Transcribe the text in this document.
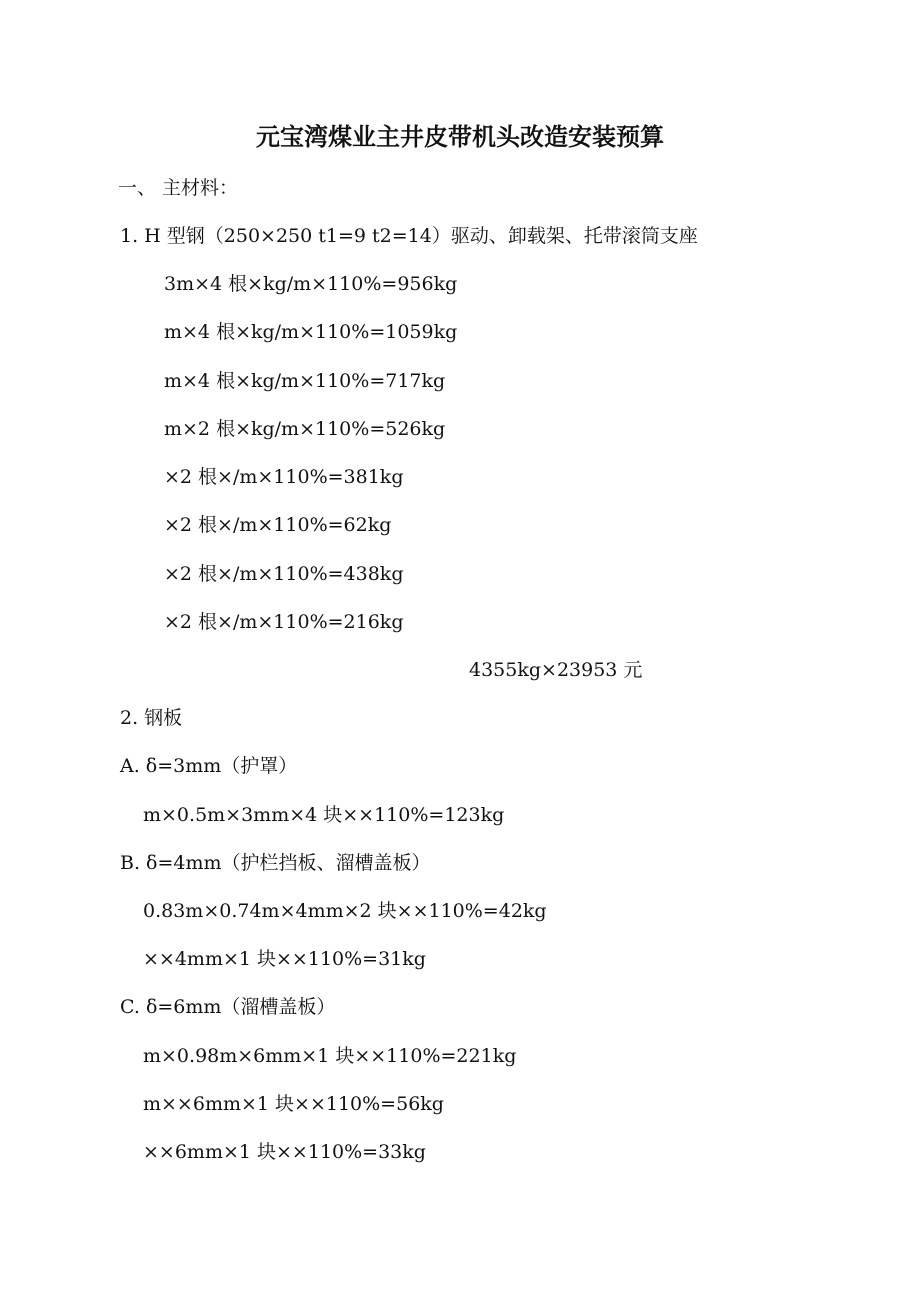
元宝湾煤业主井皮带机头改造安装预算
一、 主材料：
1. H 型钢（250×250 t1=9 t2=14）驱动、卸载架、托带滚筒支座
3m×4 根×kg/m×110%=956kg
m×4 根×kg/m×110%=1059kg
m×4 根×kg/m×110%=717kg
m×2 根×kg/m×110%=526kg
×2 根×/m×110%=381kg
×2 根×/m×110%=62kg
×2 根×/m×110%=438kg
×2 根×/m×110%=216kg
4355kg×23953 元
2. 钢板
A. δ=3mm（护罩）
m×0.5m×3mm×4 块××110%=123kg
B. δ=4mm（护栏挡板、溜槽盖板）
0.83m×0.74m×4mm×2 块××110%=42kg
××4mm×1 块××110%=31kg
C. δ=6mm（溜槽盖板）
m×0.98m×6mm×1 块××110%=221kg
m××6mm×1 块××110%=56kg
××6mm×1 块××110%=33kg
